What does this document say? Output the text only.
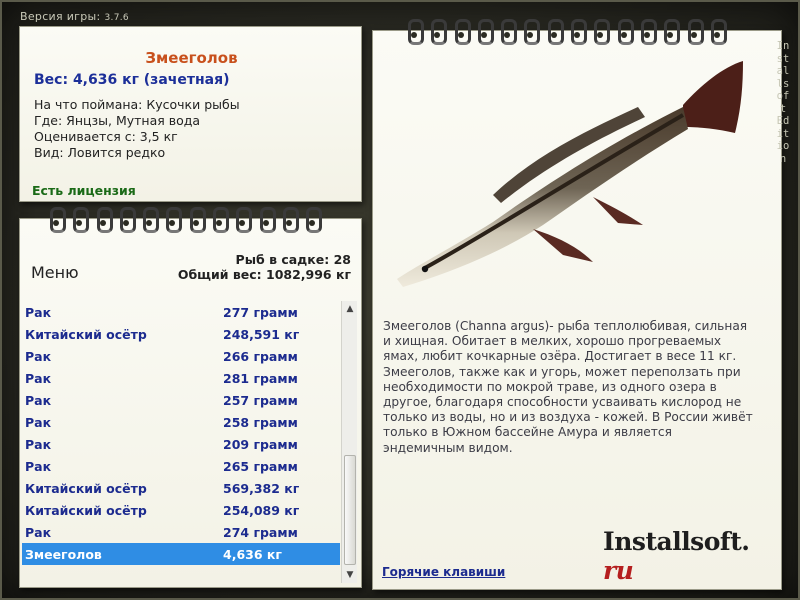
Версия игры: 3.7.6
Змееголов
Вес: 4,636 кг (зачетная)
На что поймана: Кусочки рыбы
Где: Янцзы, Мутная вода
Оценивается с: 3,5 кг
Вид: Ловится редко
Есть лицензия
Меню
Рыб в садке: 28
Общий вес: 1082,996 кг
Рак	277 грамм
Китайский осётр	248,591 кг
Рак	266 грамм
Рак	281 грамм
Рак	257 грамм
Рак	258 грамм
Рак	209 грамм
Рак	265 грамм
Китайский осётр	569,382 кг
Китайский осётр	254,089 кг
Рак	274 грамм
Змееголов	4,636 кг
▲
▼
Змееголов (Channa argus)- рыба теплолюбивая, сильная и хищная. Обитает в мелких, хорошо прогреваемых ямах, любит кочкарные озёра. Достигает в весе 11 кг. Змееголов, также как и угорь, может переползать при необходимости по мокрой траве, из одного озера в другое, благодаря способности усваивать кислород не только из воды, но и из воздуха - кожей. В России живёт только в Южном бассейне Амура и является эндемичным видом.
Installsoft. ru
Горячие клавиши
Installsoft Edition
